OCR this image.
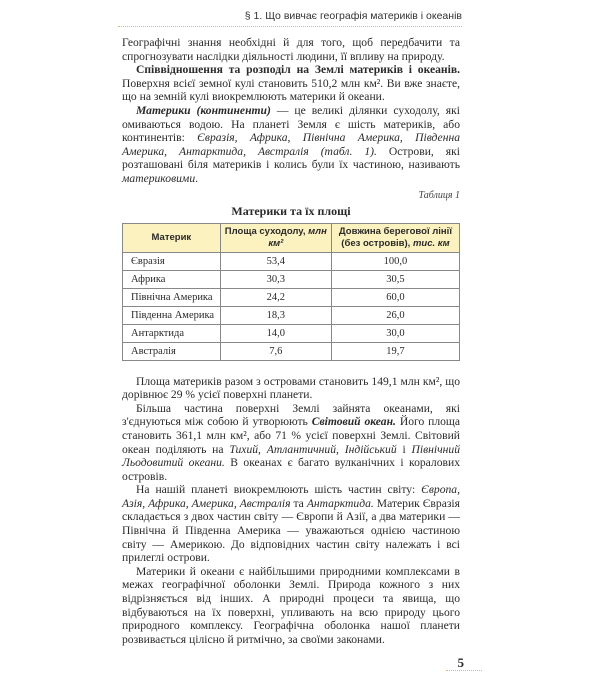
§ 1. Що вивчає географія материків і океанів

Географічні знання необхідні й для того, щоб передбачити та спрогнозувати наслідки діяльності людини, її впливу на природу.

Співвідношення та розподіл на Землі материків і океанів. Поверхня всієї земної кулі становить 510,2 млн км². Ви вже знаєте, що на земній кулі виокремлюють материки й океани.

Материки (континенти) — це великі ділянки суходолу, які омиваються водою. На планеті Земля є шість материків, або континентів: Євразія, Африка, Північна Америка, Південна Америка, Антарктида, Австралія (табл. 1). Острови, які розташовані біля материків і колись були їх частиною, називають материковими.

Таблиця 1
Материки та їх площі
Материк	Площа суходолу, млн км²	Довжина берегової лінії (без островів), тис. км
Євразія	53,4	100,0
Африка	30,3	30,5
Північна Америка	24,2	60,0
Південна Америка	18,3	26,0
Антарктида	14,0	30,0
Австралія	7,6	19,7

Площа материків разом з островами становить 149,1 млн км², що дорівнює 29 % усієї поверхні планети.

Більша частина поверхні Землі зайнята океанами, які з'єднуються між собою й утворюють Світовий океан. Його площа становить 361,1 млн км², або 71 % усієї поверхні Землі. Світовий океан поділяють на Тихий, Атлантичний, Індійський і Північний Льодовитий океани. В океанах є багато вулканічних і коралових островів.

На нашій планеті виокремлюють шість частин світу: Європа, Азія, Африка, Америка, Австралія та Антарктида. Материк Євразія складається з двох частин світу — Європи й Азії, а два материки — Північна й Південна Америка — уважаються однією частиною світу — Америкою. До відповідних частин світу належать і всі прилеглі острови.

Материки й океани є найбільшими природними комплексами в межах географічної оболонки Землі. Природа кожного з них відрізняється від інших. А природні процеси та явища, що відбуваються на їх поверхні, упливають на всю природу цього природного комплексу. Географічна оболонка нашої планети розвивається цілісно й ритмічно, за своїми законами.

5
